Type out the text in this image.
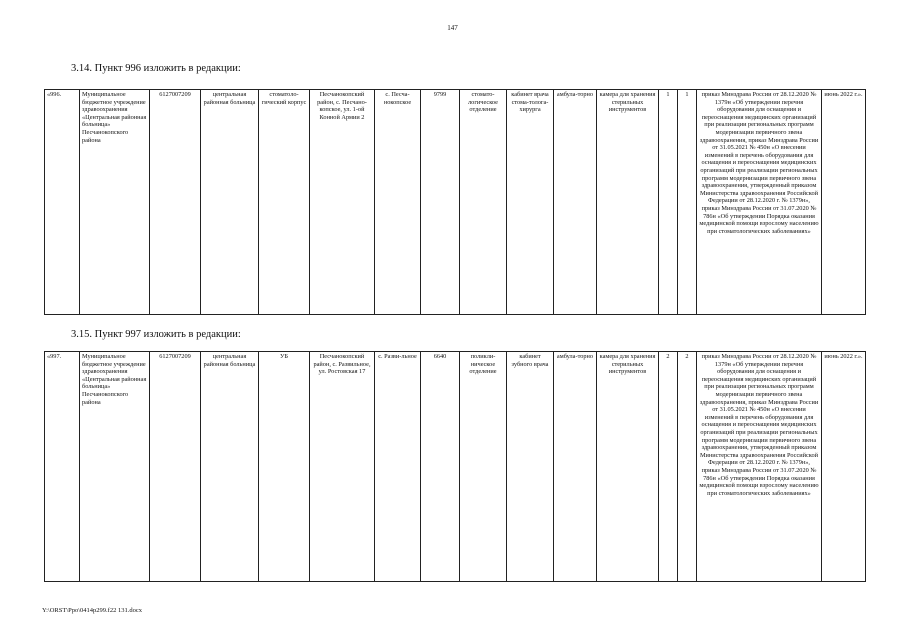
147
3.14. Пункт 996 изложить в редакции:
«996.	Муниципальное бюджетное учреждение здравоохранения «Центральная районная больница» Песчанокопского района	6127007209	центральная районная больница	стоматоло-гический корпус	Песчанокопский район, с. Песчано-копское, ул. 1-ой Конной Армии 2	с. Песча-нокопское	9799	стомато-логическое отделение	кабинет врача стома-толога-хирурга	амбула-торно	камера для хранения стерильных инструментов	1	1	приказ Минздрава России от 28.12.2020 № 1379н «Об утверждении перечня оборудования для оснащения и переоснащения медицинских организаций при реализации региональных программ модернизации первичного звена здравоохранения, приказ Минздрава России от 31.05.2021 № 450н «О внесении изменений в перечень оборудования для оснащения и переоснащения медицинских организаций при реализации региональных программ модернизации первичного звена здравоохранения, утвержденный приказом Министерства здравоохранения Российской Федерации от 28.12.2020 г. № 1379н», приказ Минздрава России от 31.07.2020 № 786н «Об утверждении Порядка оказания медицинской помощи взрослому населению при стоматологических заболеваниях»	июнь 2022 г.».
3.15. Пункт 997 изложить в редакции:
«997.	Муниципальное бюджетное учреждение здравоохранения «Центральная районная больница» Песчанокопского района	6127007209	центральная районная больница	УБ	Песчанокопский район, с. Развильное, ул. Ростовская 17	с. Разви-льное	6640	поликли-ническое отделение	кабинет зубного врача	амбула-торно	камера для хранения стерильных инструментов	2	2	приказ Минздрава России от 28.12.2020 № 1379н «Об утверждении перечня оборудования для оснащения и переоснащения медицинских организаций при реализации региональных программ модернизации первичного звена здравоохранения, приказ Минздрава России от 31.05.2021 № 450н «О внесении изменений в перечень оборудования для оснащения и переоснащения медицинских организаций при реализации региональных программ модернизации первичного звена здравоохранения, утвержденный приказом Министерства здравоохранения Российской Федерации от 28.12.2020 г. № 1379н», приказ Минздрава России от 31.07.2020 № 786н «Об утверждении Порядка оказания медицинской помощи взрослому населению при стоматологических заболеваниях»	июнь 2022 г.».
Y:\ORST\Ppo\0414p299.f22 131.docx
